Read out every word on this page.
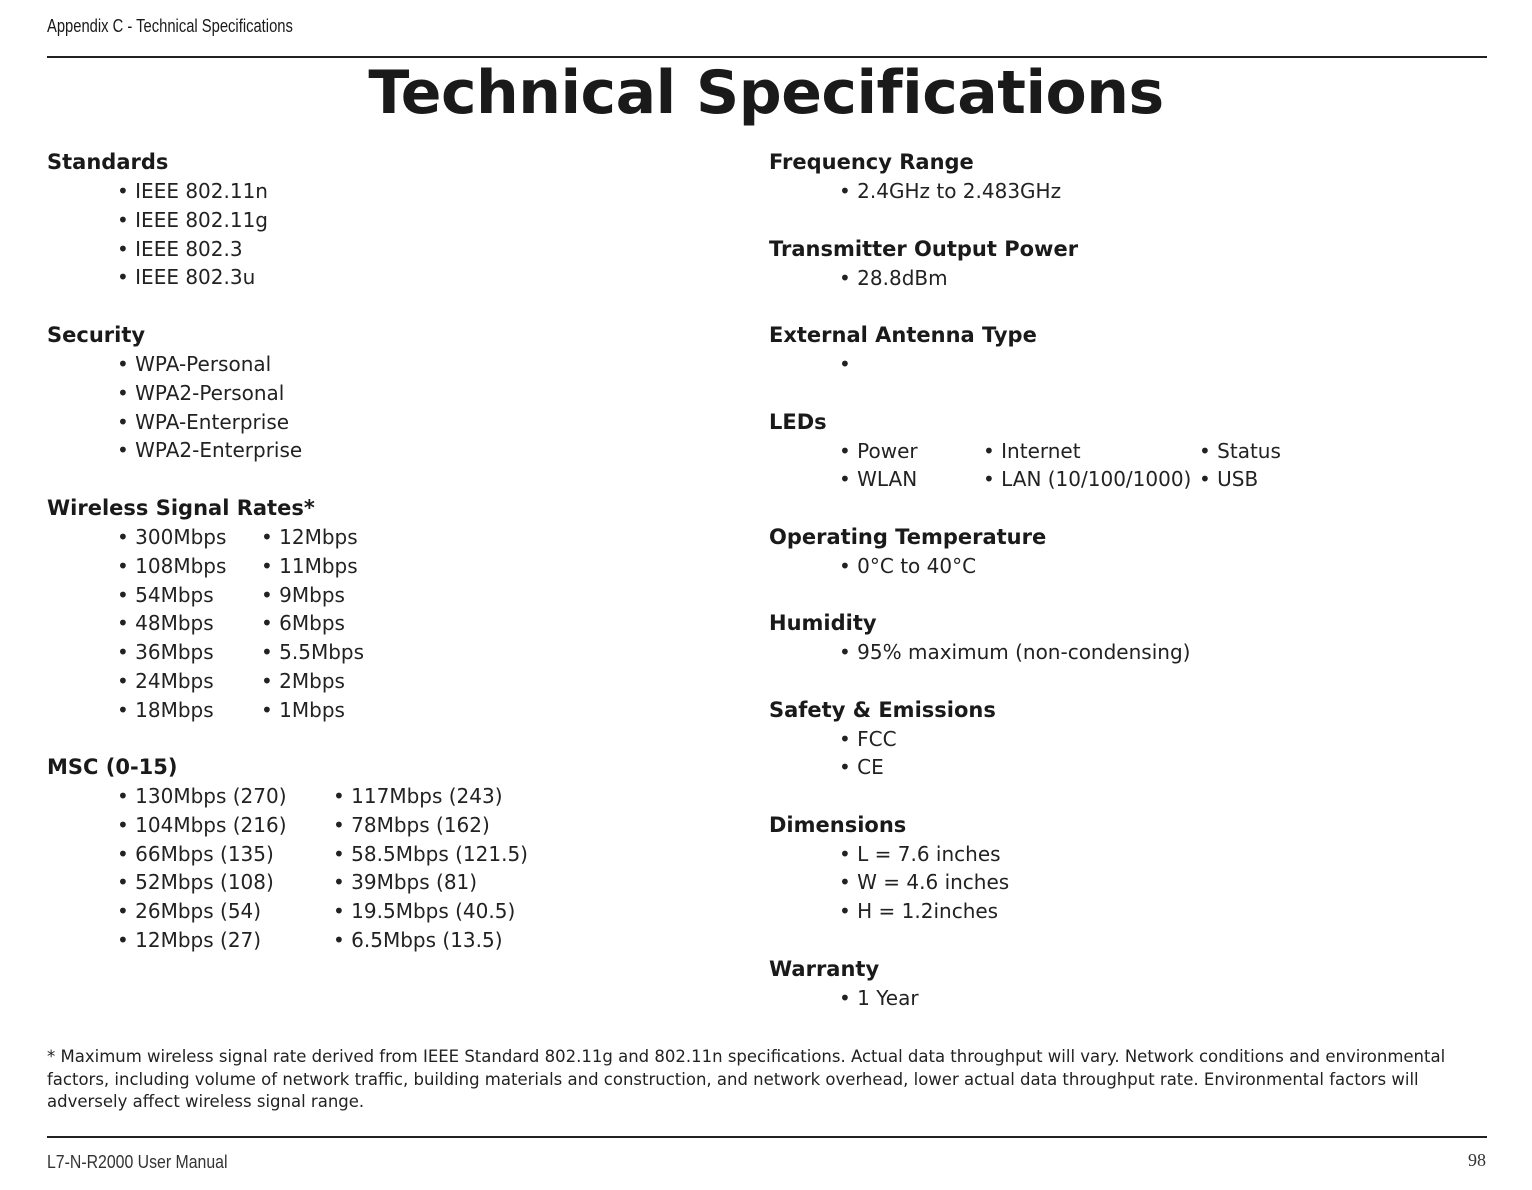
Appendix C - Technical Specifications
Technical Specifications
Standards
• IEEE 802.11n
• IEEE 802.11g
• IEEE 802.3
• IEEE 802.3u
Security
• WPA-Personal
• WPA2-Personal
• WPA-Enterprise
• WPA2-Enterprise
Wireless Signal Rates*
• 300Mbps
• 108Mbps
• 54Mbps
• 48Mbps
• 36Mbps
• 24Mbps
• 18Mbps
• 12Mbps
• 11Mbps
• 9Mbps
• 6Mbps
• 5.5Mbps
• 2Mbps
• 1Mbps
MSC (0-15)
• 130Mbps (270)
• 104Mbps (216)
• 66Mbps (135)
• 52Mbps (108)
• 26Mbps (54)
• 12Mbps (27)
• 117Mbps (243)
• 78Mbps (162)
• 58.5Mbps (121.5)
• 39Mbps (81)
• 19.5Mbps (40.5)
• 6.5Mbps (13.5)
Frequency Range
• 2.4GHz to 2.483GHz
Transmitter Output Power
• 28.8dBm
External Antenna Type
•
LEDs
• Power
• WLAN
• Internet
• LAN (10/100/1000)
• Status
• USB
Operating Temperature
• 0°C to 40°C
Humidity
• 95% maximum (non-condensing)
Safety & Emissions
• FCC
• CE
Dimensions
• L = 7.6 inches
• W = 4.6 inches
• H = 1.2inches
Warranty
• 1 Year

* Maximum wireless signal rate derived from IEEE Standard 802.11g and 802.11n specifications. Actual data throughput will vary. Network conditions and environmental factors, including volume of network traffic, building materials and construction, and network overhead, lower actual data throughput rate. Environmental factors will adversely affect wireless signal range.

L7-N-R2000 User Manual	98
